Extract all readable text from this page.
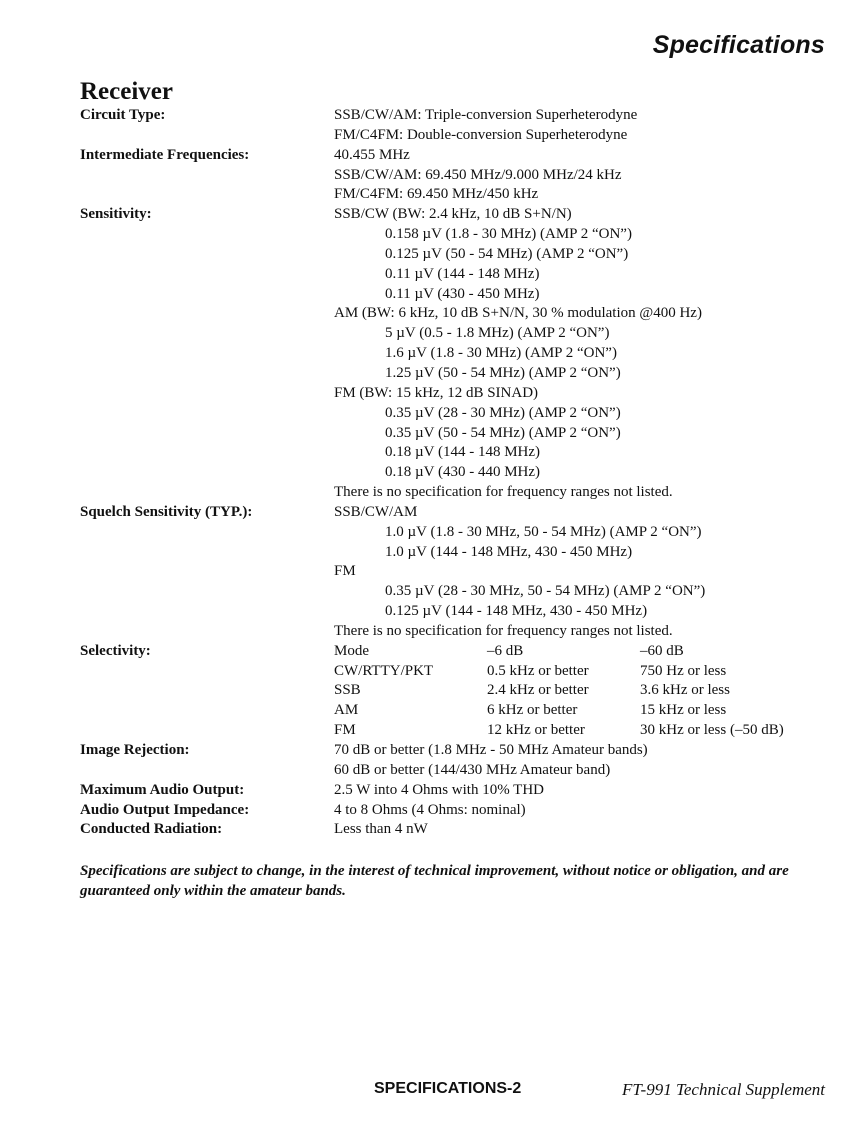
Specifications
Receiver
Circuit Type:	SSB/CW/AM: Triple-conversion Superheterodyne
FM/C4FM: Double-conversion Superheterodyne
Intermediate Frequencies:	40.455 MHz
SSB/CW/AM: 69.450 MHz/9.000 MHz/24 kHz
FM/C4FM: 69.450 MHz/450 kHz
Sensitivity:	SSB/CW (BW: 2.4 kHz, 10 dB S+N/N)
0.158 µV (1.8 - 30 MHz) (AMP 2 “ON”)
0.125 µV (50 - 54 MHz) (AMP 2 “ON”)
0.11 µV (144 - 148 MHz)
0.11 µV (430 - 450 MHz)
AM (BW: 6 kHz, 10 dB S+N/N, 30 % modulation @400 Hz)
5 µV (0.5 - 1.8 MHz) (AMP 2 “ON”)
1.6 µV (1.8 - 30 MHz) (AMP 2 “ON”)
1.25 µV (50 - 54 MHz) (AMP 2 “ON”)
FM (BW: 15 kHz, 12 dB SINAD)
0.35 µV (28 - 30 MHz) (AMP 2 “ON”)
0.35 µV (50 - 54 MHz) (AMP 2 “ON”)
0.18 µV (144 - 148 MHz)
0.18 µV (430 - 440 MHz)
There is no specification for frequency ranges not listed.
Squelch Sensitivity (TYP.):	SSB/CW/AM
1.0 µV (1.8 - 30 MHz, 50 - 54 MHz) (AMP 2 “ON”)
1.0 µV (144 - 148 MHz, 430 - 450 MHz)
FM
0.35 µV (28 - 30 MHz, 50 - 54 MHz) (AMP 2 “ON”)
0.125 µV (144 - 148 MHz, 430 - 450 MHz)
There is no specification for frequency ranges not listed.
Selectivity:	Mode	–6 dB	–60 dB
CW/RTTY/PKT	0.5 kHz or better	750 Hz or less
SSB	2.4 kHz or better	3.6 kHz or less
AM	6 kHz or better	15 kHz or less
FM	12 kHz or better	30 kHz or less (–50 dB)
Image Rejection:	70 dB or better (1.8 MHz - 50 MHz Amateur bands)
60 dB or better (144/430 MHz Amateur band)
Maximum Audio Output:	2.5 W into 4 Ohms with 10% THD
Audio Output Impedance:	4 to 8 Ohms (4 Ohms: nominal)
Conducted Radiation:	Less than 4 nW
Specifications are subject to change, in the interest of technical improvement, without notice or obligation, and are guaranteed only within the amateur bands.
SPECIFICATIONS-2	FT-991 Technical Supplement
